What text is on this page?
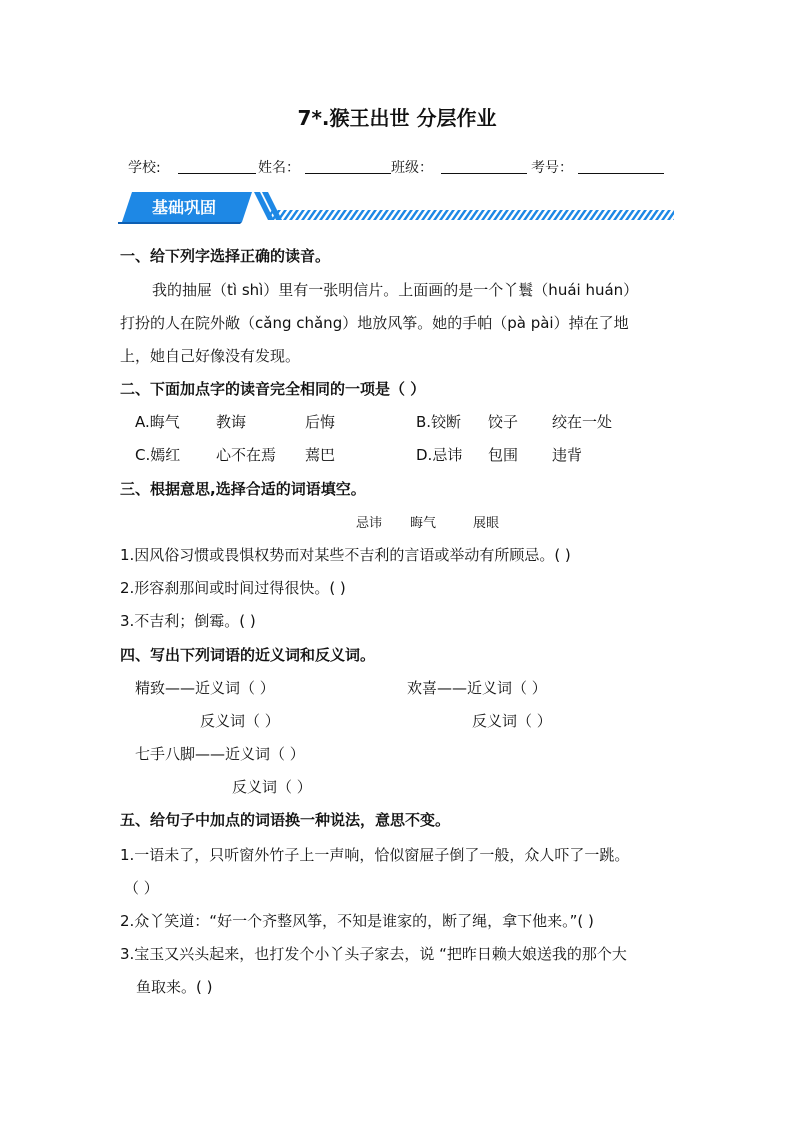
7*.猴王出世 分层作业
学校:	姓名：	班级：	考号：
基础巩固
一、给下列字选择正确的读音。
我的抽屉（tì shì）里有一张明信片。上面画的是一个丫鬟（huái huán）
打扮的人在院外敞（cǎng chǎng）地放风筝。她的手帕（pà pài）掉在了地
上，她自己好像没有发现。
二、下面加点字的读音完全相同的一项是（ ）
A.晦气 教诲	后悔	B.铰断 饺子 绞在一处
C.嫣红 心不在焉 蔫巴	D.忌讳 包围 违背
三、根据意思,选择合适的词语填空。
忌讳 晦气	展眼
1.因风俗习惯或畏惧权势而对某些不吉利的言语或举动有所顾忌。( )
2.形容刹那间或时间过得很快。( )
3.不吉利；倒霉。( )
四、写出下列词语的近义词和反义词。
精致——近义词（ ）	欢喜——近义词（ ）
反义词（ ）	反义词（ ）
七手八脚——近义词（ ）
反义词（ ）
五、给句子中加点的词语换一种说法，意思不变。
1.一语未了，只听窗外竹子上一声响，恰似窗屉子倒了一般，众人吓了一跳。
（ ）
2.众丫笑道：“好一个齐整风筝，不知是谁家的，断了绳，拿下他来。”( )
3.宝玉又兴头起来，也打发个小丫头子家去，说 “把昨日赖大娘送我的那个大
鱼取来。( )
